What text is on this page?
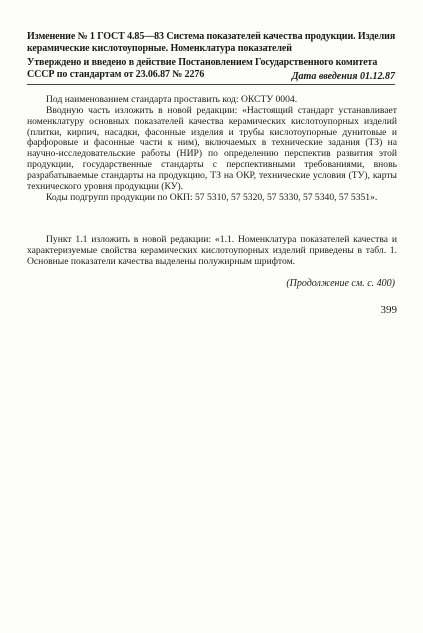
Изменение № 1 ГОСТ 4.85—83 Система показателей качества продукции. Изделия керамические кислотоупорные. Номенклатура показателей
Утверждено и введено в действие Постановлением Государственного комитета СССР по стандартам от 23.06.87 № 2276	Дата введения 01.12.87
Под наименованием стандарта проставить код: ОКСТУ 0004.
Вводную часть изложить в новой редакции: «Настоящий стандарт устанавливает номенклатуру основных показателей качества керамических кислотоупорных изделий (плитки, кирпич, насадки, фасонные изделия и трубы кислотоупорные дунитовые и фарфоровые и фасонные части к ним), включаемых в технические задания (ТЗ) на научно-исследовательские работы (НИР) по определению перспектив развития этой продукции, государственные стандарты с перспективными требованиями, вновь разрабатываемые стандарты на продукцию, ТЗ на ОКР, технические условия (ТУ), карты технического уровня продукции (КУ).
Коды подгрупп продукции по ОКП: 57 5310, 57 5320, 57 5330, 57 5340, 57 5351».
Пункт 1.1 изложить в новой редакции: «1.1. Номенклатура показателей качества и характеризуемые свойства керамических кислотоупорных изделий приведены в табл. 1. Основные показатели качества выделены полужирным шрифтом.
(Продолжение см. с. 400)
399
